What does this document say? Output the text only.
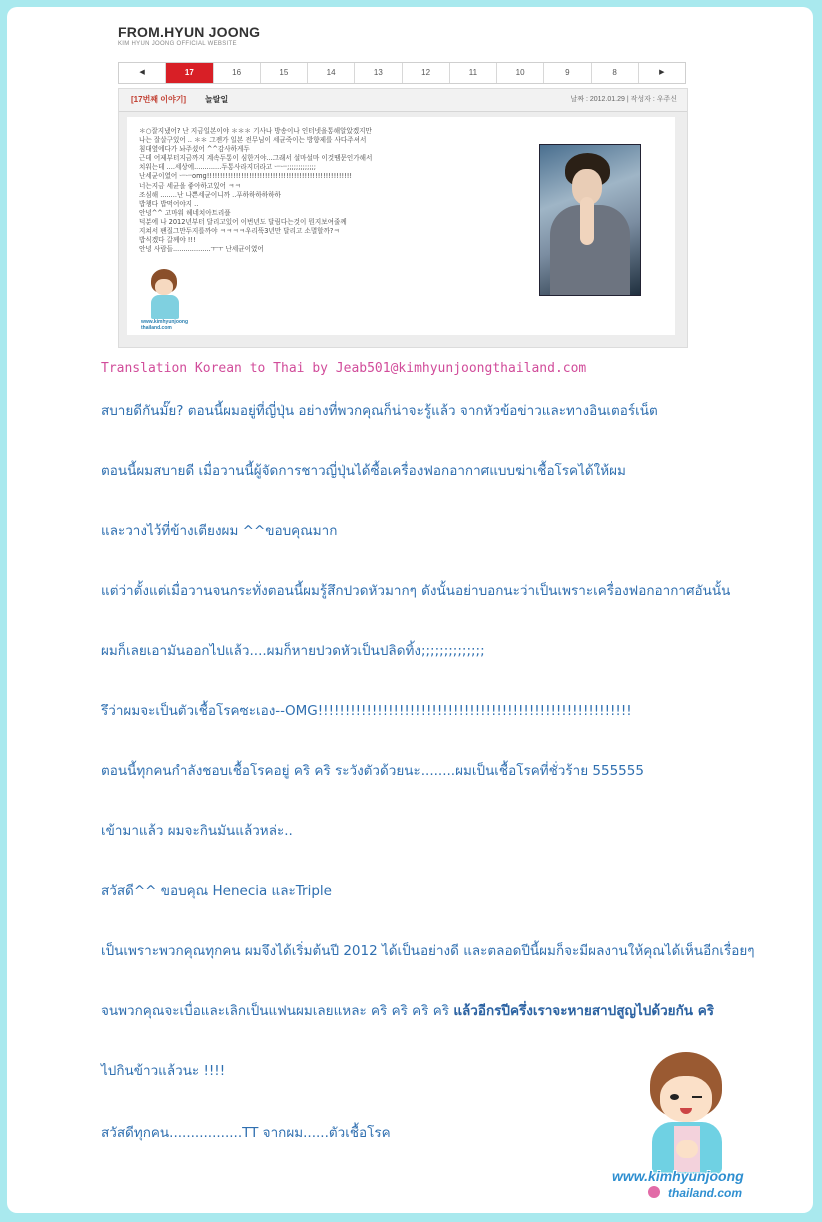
FROM.HYUN JOONG
KIM HYUN JOONG OFFICIAL WEBSITE
◀	17	16	15	14	13	12	11	10	9	8	▶
[17번째 이야기] 놀랄일	날짜 : 2012.01.29 | 작성자 : 우주신
＊○잘지냈어? 난 지금일본이야 ＊＊＊ 기사나 방송이나 인터넷을통해알았겠지만
나는 잘살구있어 .. ＊＊ 그젠가 일본 전무님이 세균죽이는 방향제를 사다주셔서
침대옆에다가 놔주셨어 ^^감사하게두
근데 어제부터지금까지 계속두통이 심한거야...그래서 설마설마 이것땜문인가해서
치워는데 ....세상에.............두통사라지더라고 ㅡㅡ;;;;;;;;;;;;;
난세균이였어 ㅡㅡomg!!!!!!!!!!!!!!!!!!!!!!!!!!!!!!!!!!!!!!!!!!!!!!!!!!!!!!!
너는지금 세균을 좋아하고있어 ㅋㅋ
조심해 ........난 나쁜세균이니까 ..푸하하하하하하
밥챙다 밥먹어야지 ..
안녕^^ 고마워 헤네치아트리플
덕분에 나 2012년부터 달리고있어 이번년도 달림다는것이 뭔지보여줄께
지쳐서 팬질그만두지를까야 ㅋㅋㅋㅋ우리뚝3년만 달리고 소멸할까?ㅋ
밥식겠다 갈께야 !!!
안녕 사람들..................ㅜㅜ 난세균이였어
www.kimhyunjoong
thailand.com
Translation Korean to Thai by Jeab501@kimhyunjoongthailand.com
สบายดีกันมั๊ย? ตอนนี้ผมอยู่ที่ญี่ปุ่น อย่างที่พวกคุณก็น่าจะรู้แล้ว จากหัวข้อข่าวและทางอินเตอร์เน็ต
ตอนนี้ผมสบายดี เมื่อวานนี้ผู้จัดการชาวญี่ปุ่นได้ซื้อเครื่องฟอกอากาศแบบฆ่าเชื้อโรคได้ให้ผม
และวางไว้ที่ข้างเตียงผม ^^ขอบคุณมาก
แต่ว่าตั้งแต่เมื่อวานจนกระทั่งตอนนี้ผมรู้สึกปวดหัวมากๆ ดังนั้นอย่าบอกนะว่าเป็นเพราะเครื่องฟอกอากาศอันนั้น
ผมก็เลยเอามันออกไปแล้ว....ผมก็หายปวดหัวเป็นปลิดทิ้ง;;;;;;;;;;;;;;
รึว่าผมจะเป็นตัวเชื้อโรคซะเอง--OMG!!!!!!!!!!!!!!!!!!!!!!!!!!!!!!!!!!!!!!!!!!!!!!!!!!!!!!!!!!
ตอนนี้ทุกคนกำลังชอบเชื้อโรคอยู่ คริ คริ ระวังตัวด้วยนะ........ผมเป็นเชื้อโรคที่ชั่วร้าย 555555
เข้ามาแล้ว ผมจะกินมันแล้วหล่ะ..
สวัสดี^^ ขอบคุณ Henecia และTriple
เป็นเพราะพวกคุณทุกคน ผมจึงได้เริ่มต้นปี 2012 ได้เป็นอย่างดี และตลอดปีนี้ผมก็จะมีผลงานให้คุณได้เห็นอีกเรื่อยๆ
จนพวกคุณจะเบื่อและเลิกเป็นแฟนผมเลยแหละ คริ คริ คริ คริ แล้วอีกรปีครึ่งเราจะหายสาปสูญไปด้วยกัน คริ
ไปกินข้าวแล้วนะ !!!!
สวัสดีทุกคน.................TT จากผม......ตัวเชื้อโรค
www.kimhyunjoong
thailand.com
